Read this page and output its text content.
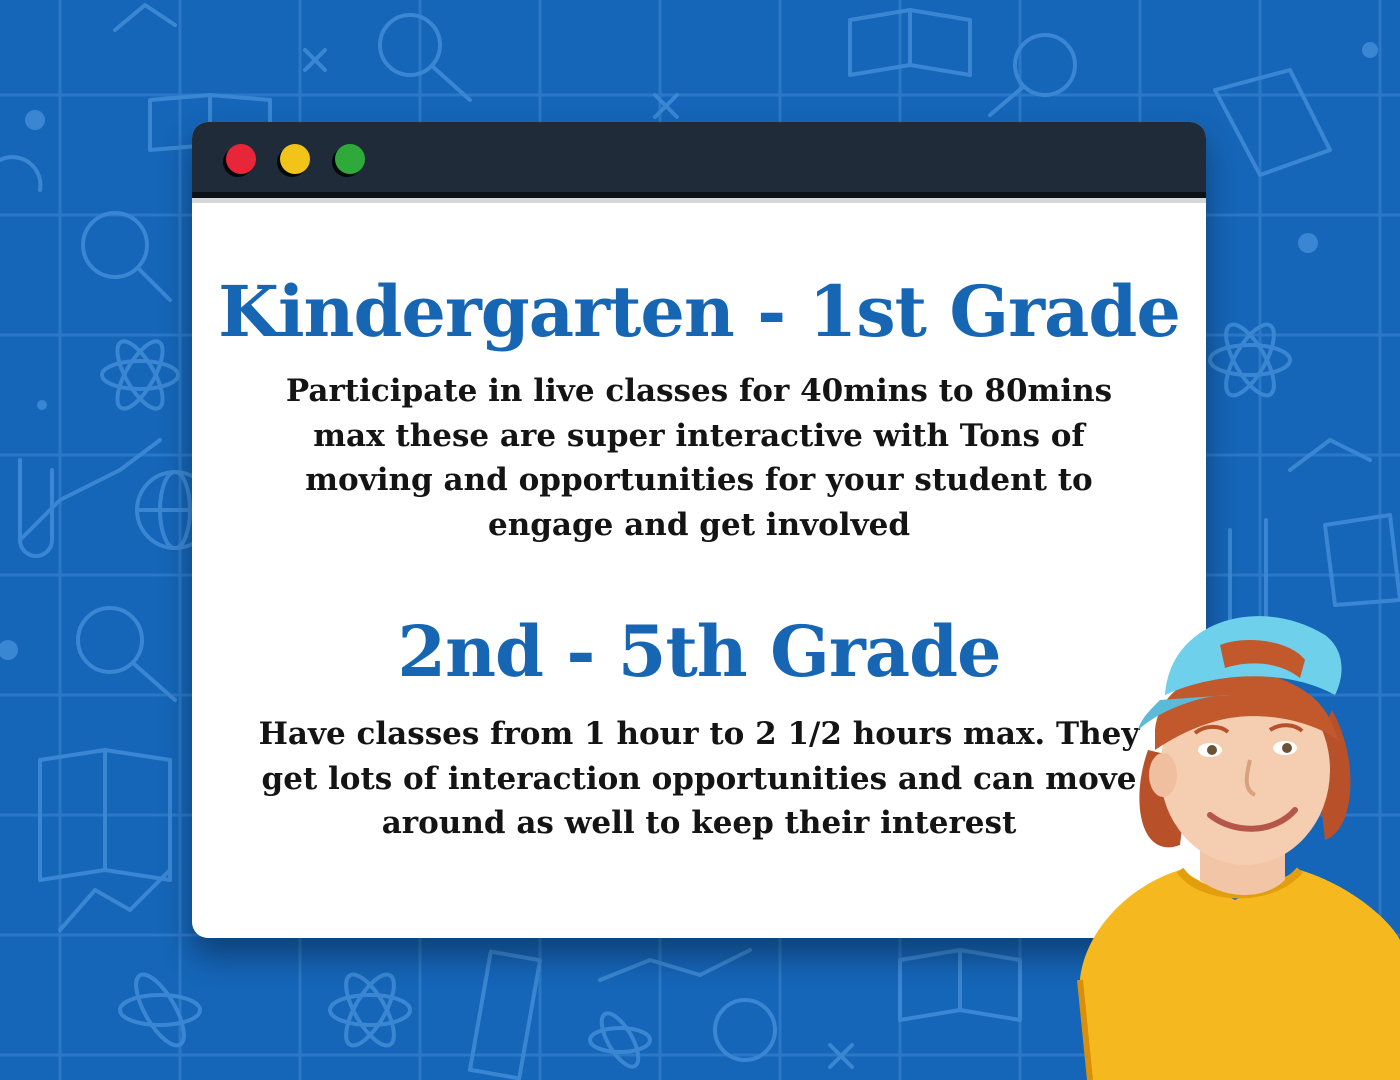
Kindergarten - 1st Grade

Participate in live classes for 40mins to 80mins max these are super interactive with Tons of moving and opportunities for your student to engage and get involved

2nd - 5th Grade

Have classes from 1 hour to 2 1/2 hours max. They get lots of interaction opportunities and can move around as well to keep their interest
